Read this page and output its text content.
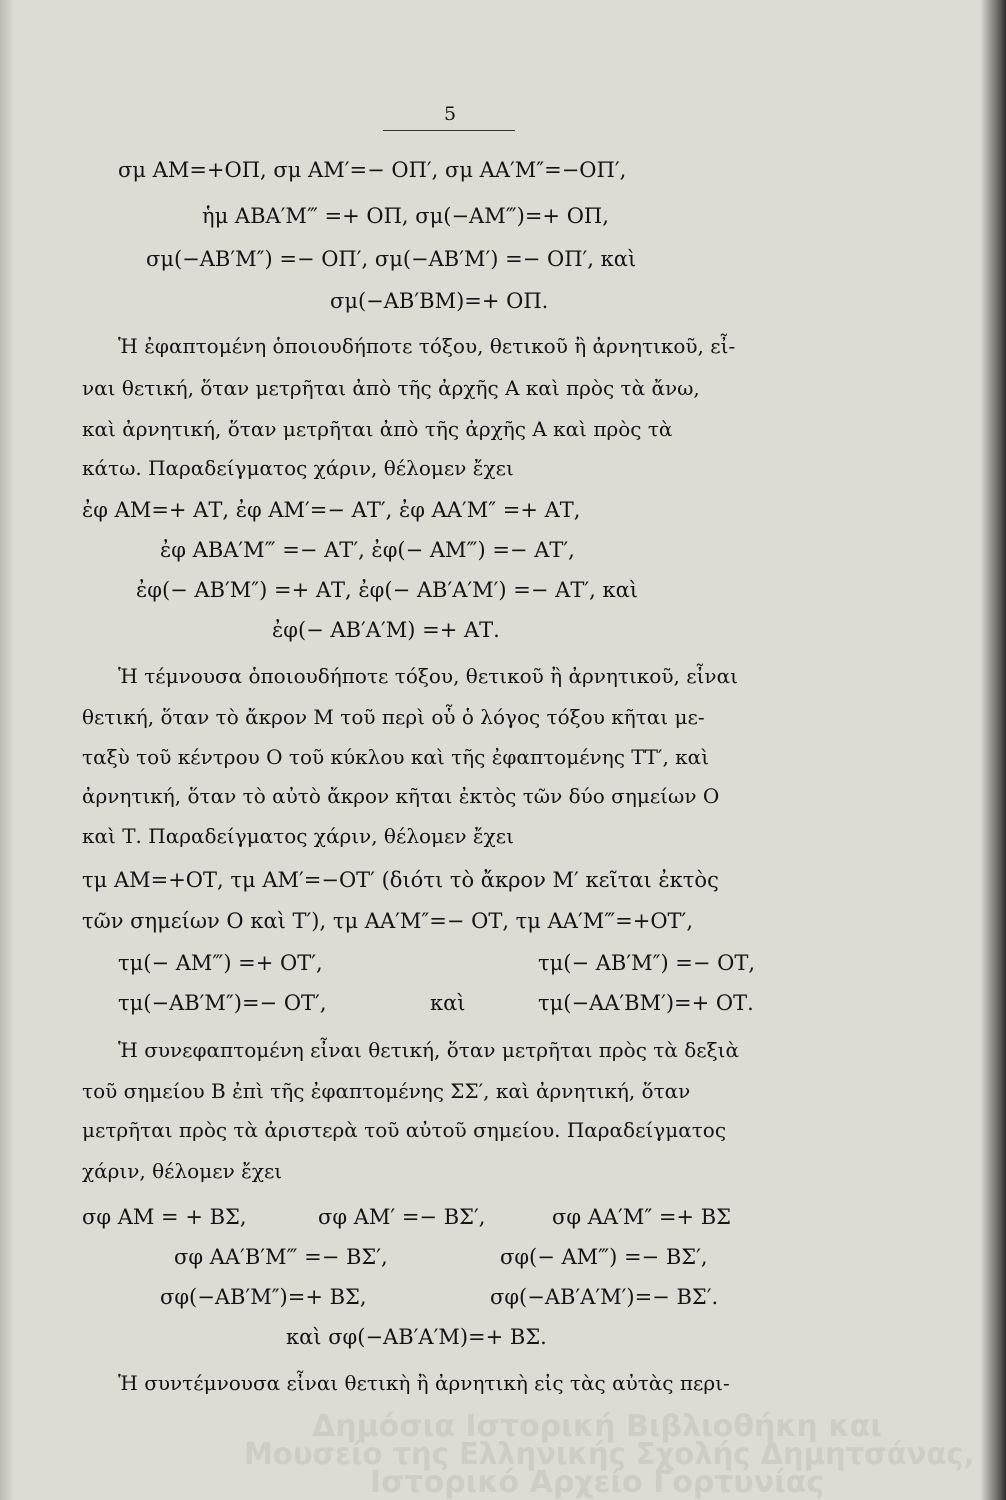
5
σμ ΑΜ=+ΟΠ, σμ ΑΜ′=− ΟΠ′, σμ ΑΑ′Μ″=−ΟΠ′,
ἡμ ΑΒΑ′Μ‴ =+ ΟΠ, σμ(−ΑΜ‴)=+ ΟΠ,
σμ(−ΑΒ′Μ″) =− ΟΠ′, σμ(−ΑΒ′Μ′) =− ΟΠ′, καὶ
σμ(−ΑΒ′ΒΜ)=+ ΟΠ.
Ἡ ἐφαπτομένη ὁποιουδήποτε τόξου, θετικοῦ ἢ ἀρνητικοῦ, εἶ-
ναι θετική, ὅταν μετρῆται ἀπὸ τῆς ἀρχῆς Α καὶ πρὸς τὰ ἄνω,
καὶ ἀρνητική, ὅταν μετρῆται ἀπὸ τῆς ἀρχῆς Α καὶ πρὸς τὰ
κάτω. Παραδείγματος χάριν, θέλομεν ἔχει
ἐφ ΑΜ=+ ΑΤ, ἐφ ΑΜ′=− ΑΤ′, ἐφ ΑΑ′Μ″ =+ ΑΤ,
ἐφ ΑΒΑ′Μ‴ =− ΑΤ′, ἐφ(− ΑΜ‴) =− ΑΤ′,
ἐφ(− ΑΒ′Μ″) =+ ΑΤ, ἐφ(− ΑΒ′Α′Μ′) =− ΑΤ′, καὶ
ἐφ(− ΑΒ′Α′Μ) =+ ΑΤ.
Ἡ τέμνουσα ὁποιουδήποτε τόξου, θετικοῦ ἢ ἀρνητικοῦ, εἶναι
θετική, ὅταν τὸ ἄκρον Μ τοῦ περὶ οὗ ὁ λόγος τόξου κῆται με-
ταξὺ τοῦ κέντρου Ο τοῦ κύκλου καὶ τῆς ἐφαπτομένης ΤΤ′, καὶ
ἀρνητική, ὅταν τὸ αὐτὸ ἄκρον κῆται ἐκτὸς τῶν δύο σημείων Ο
καὶ Τ. Παραδείγματος χάριν, θέλομεν ἔχει
τμ ΑΜ=+ΟΤ, τμ ΑΜ′=−ΟΤ′ (διότι τὸ ἄκρον Μ′ κεῖται ἐκτὸς
τῶν σημείων Ο καὶ Τ′), τμ ΑΑ′Μ″=− ΟΤ, τμ ΑΑ′Μ‴=+ΟΤ′,
τμ(− ΑΜ‴) =+ ΟΤ′,	τμ(− ΑΒ′Μ″) =− ΟΤ,
τμ(−ΑΒ′Μ″)=− ΟΤ′,	καὶ	τμ(−ΑΑ′ΒΜ′)=+ ΟΤ.
Ἡ συνεφαπτομένη εἶναι θετική, ὅταν μετρῆται πρὸς τὰ δεξιὰ
τοῦ σημείου Β ἐπὶ τῆς ἐφαπτομένης ΣΣ′, καὶ ἀρνητική, ὅταν
μετρῆται πρὸς τὰ ἀριστερὰ τοῦ αὐτοῦ σημείου. Παραδείγματος
χάριν, θέλομεν ἔχει
σφ ΑΜ = + ΒΣ,	σφ ΑΜ′ =− ΒΣ′,	σφ ΑΑ′Μ″ =+ ΒΣ
σφ ΑΑ′Β′Μ‴ =− ΒΣ′,	σφ(− ΑΜ‴) =− ΒΣ′,
σφ(−ΑΒ′Μ″)=+ ΒΣ,	σφ(−ΑΒ′Α′Μ′)=− ΒΣ′.
καὶ σφ(−ΑΒ′Α′Μ)=+ ΒΣ.
Ἡ συντέμνουσα εἶναι θετικὴ ἢ ἀρνητικὴ εἰς τὰς αὐτὰς περι-
Δημόσια Ιστορική Βιβλιοθήκη και
Μουσείο της Ελληνικής Σχολής Δημητσάνας,
Ιστορικό Αρχείο Γορτυνίας
